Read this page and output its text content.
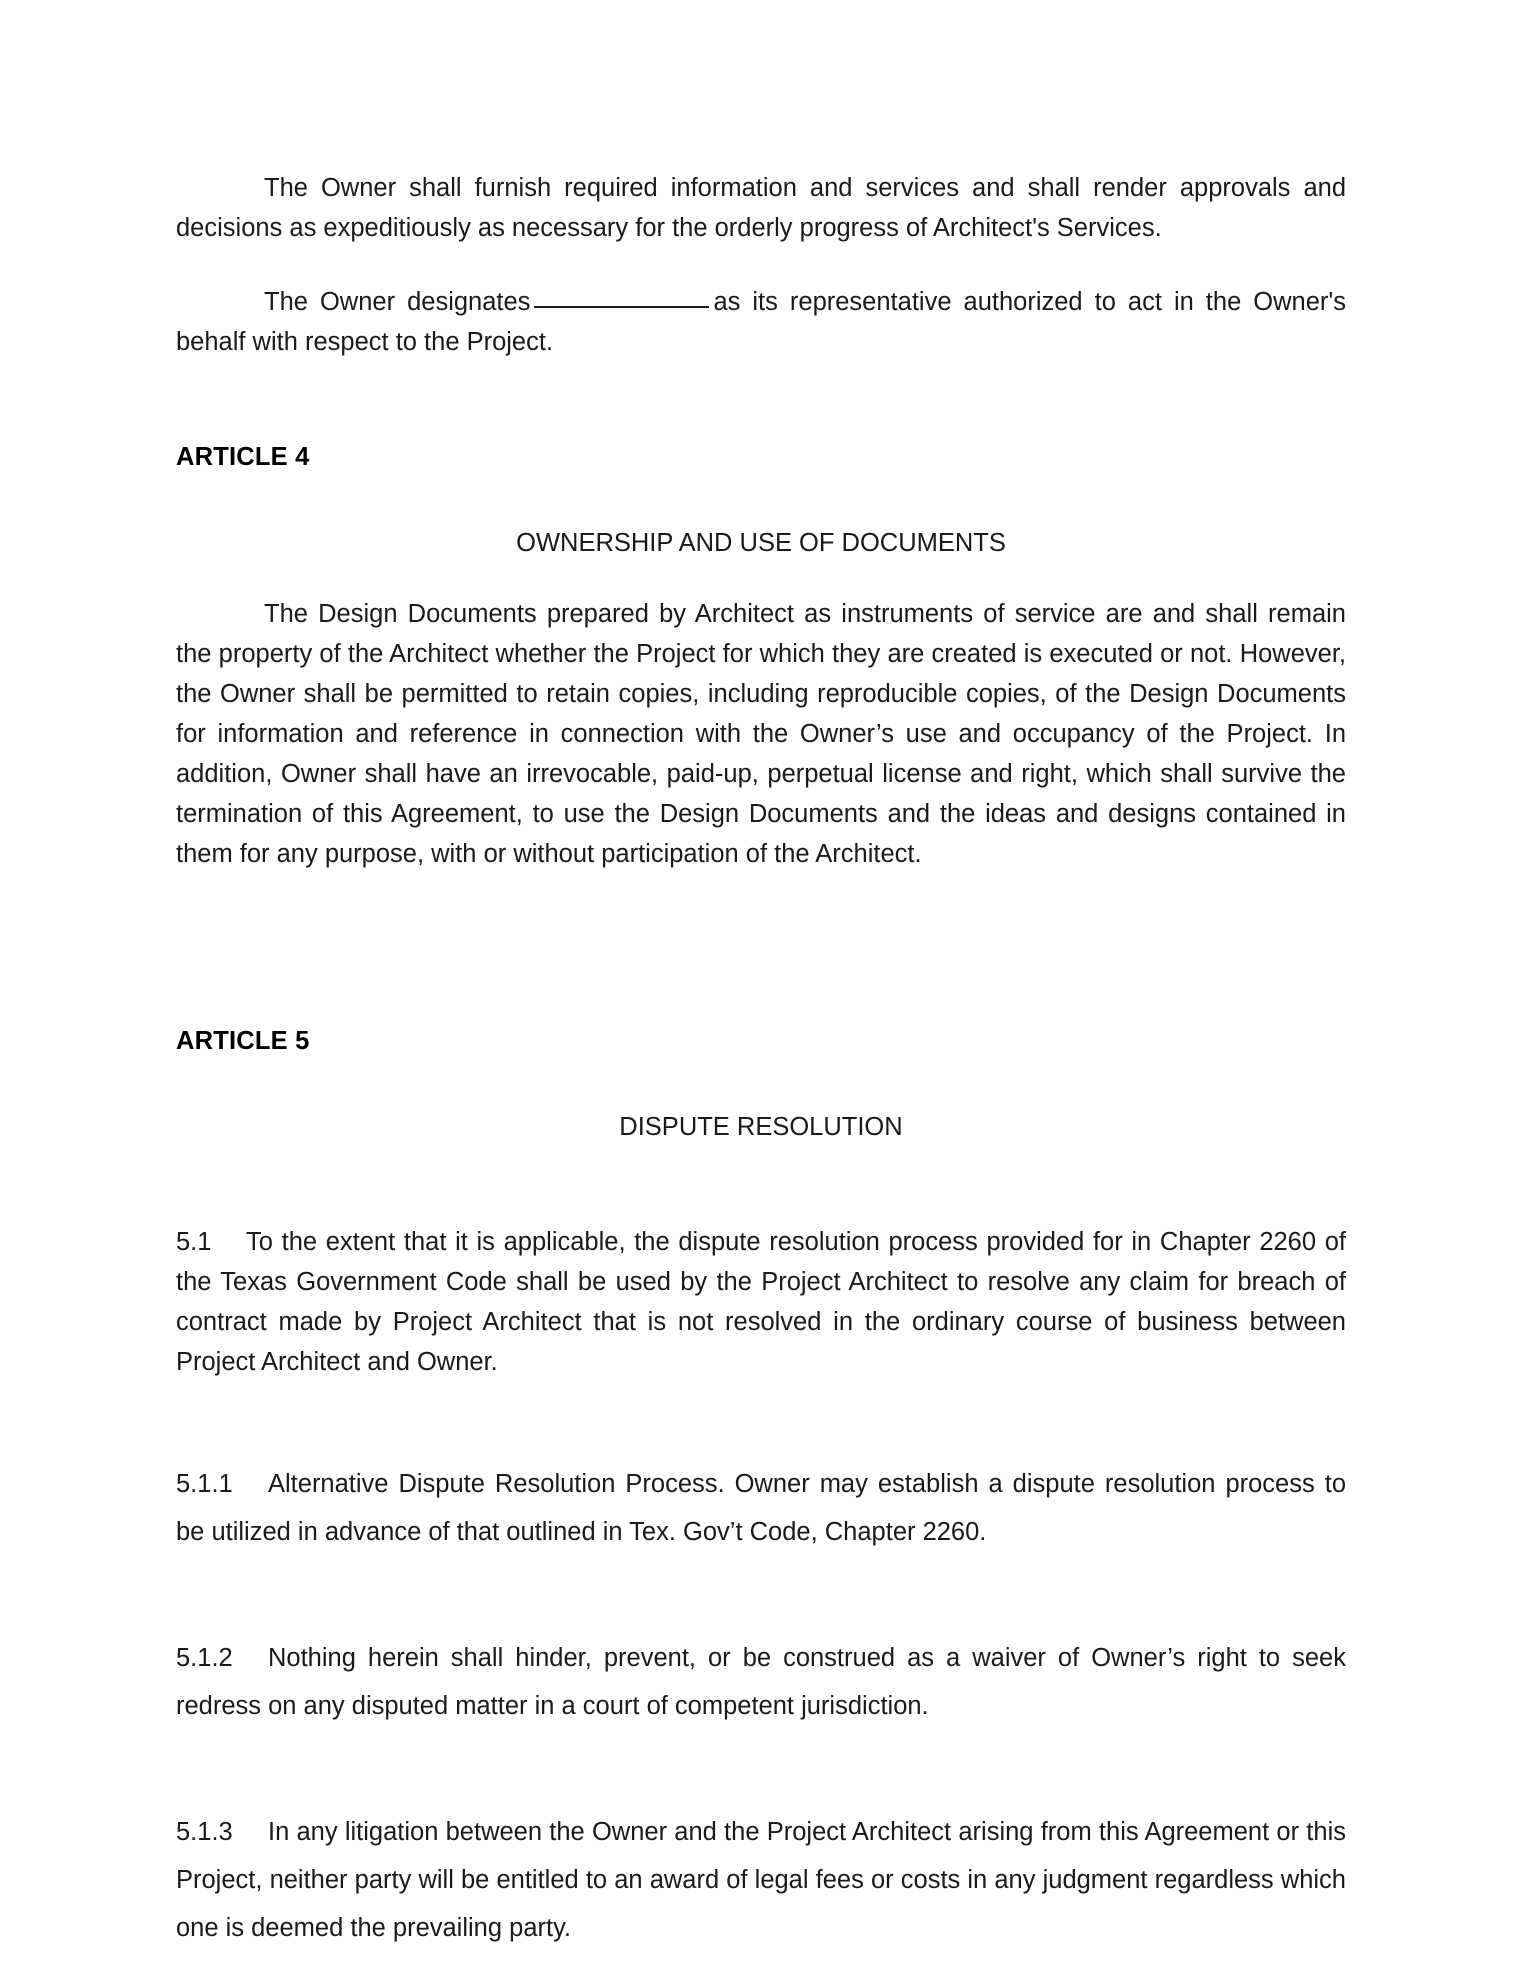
The Owner shall furnish required information and services and shall render approvals and decisions as expeditiously as necessary for the orderly progress of Architect's Services.

The Owner designates	as its representative authorized to act in the Owner's behalf with respect to the Project.

ARTICLE 4

OWNERSHIP AND USE OF DOCUMENTS

The Design Documents prepared by Architect as instruments of service are and shall remain the property of the Architect whether the Project for which they are created is executed or not. However, the Owner shall be permitted to retain copies, including reproducible copies, of the Design Documents for information and reference in connection with the Owner’s use and occupancy of the Project. In addition, Owner shall have an irrevocable, paid-up, perpetual license and right, which shall survive the termination of this Agreement, to use the Design Documents and the ideas and designs contained in them for any purpose, with or without participation of the Architect.

ARTICLE 5

DISPUTE RESOLUTION

5.1 To the extent that it is applicable, the dispute resolution process provided for in Chapter 2260 of the Texas Government Code shall be used by the Project Architect to resolve any claim for breach of contract made by Project Architect that is not resolved in the ordinary course of business between Project Architect and Owner.

5.1.1 Alternative Dispute Resolution Process. Owner may establish a dispute resolution process to be utilized in advance of that outlined in Tex. Gov’t Code, Chapter 2260.

5.1.2 Nothing herein shall hinder, prevent, or be construed as a waiver of Owner’s right to seek redress on any disputed matter in a court of competent jurisdiction.

5.1.3 In any litigation between the Owner and the Project Architect arising from this Agreement or this Project, neither party will be entitled to an award of legal fees or costs in any judgment regardless which one is deemed the prevailing party.
